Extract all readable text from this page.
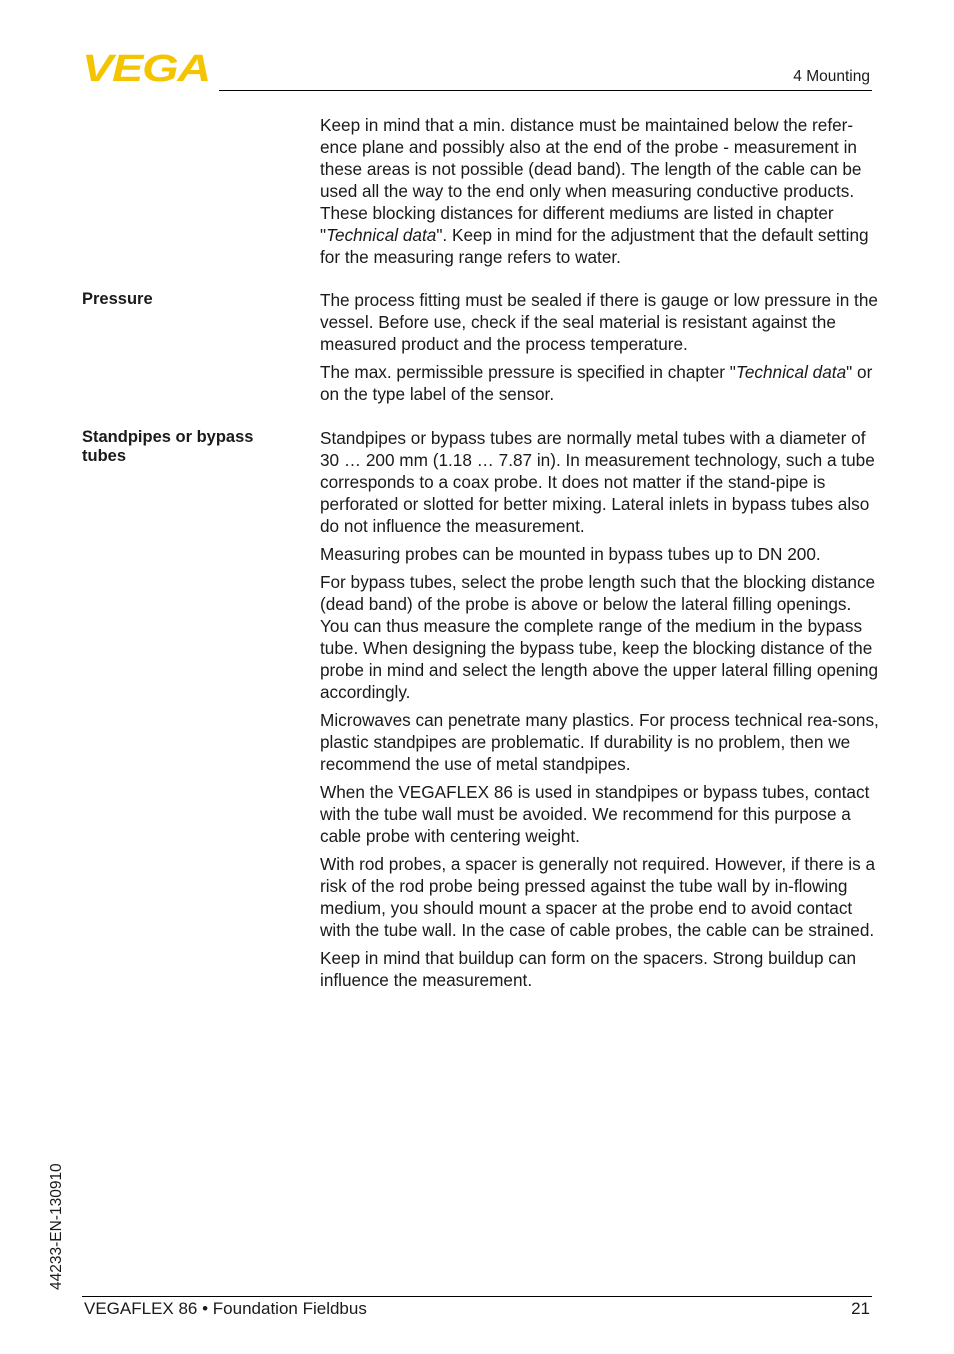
VEGA	4 Mounting

Keep in mind that a min. distance must be maintained below the refer-ence plane and possibly also at the end of the probe - measurement in these areas is not possible (dead band). The length of the cable can be used all the way to the end only when measuring conductive products. These blocking distances for different mediums are listed in chapter "Technical data". Keep in mind for the adjustment that the default setting for the measuring range refers to water.

Pressure	The process fitting must be sealed if there is gauge or low pressure in the vessel. Before use, check if the seal material is resistant against the measured product and the process temperature.

The max. permissible pressure is specified in chapter "Technical data" or on the type label of the sensor.

Standpipes or bypass tubes

Standpipes or bypass tubes are normally metal tubes with a diameter of 30 … 200 mm (1.18 … 7.87 in). In measurement technology, such a tube corresponds to a coax probe. It does not matter if the stand-pipe is perforated or slotted for better mixing. Lateral inlets in bypass tubes also do not influence the measurement.

Measuring probes can be mounted in bypass tubes up to DN 200.

For bypass tubes, select the probe length such that the blocking distance (dead band) of the probe is above or below the lateral filling openings. You can thus measure the complete range of the medium in the bypass tube. When designing the bypass tube, keep the blocking distance of the probe in mind and select the length above the upper lateral filling opening accordingly.

Microwaves can penetrate many plastics. For process technical rea-sons, plastic standpipes are problematic. If durability is no problem, then we recommend the use of metal standpipes.

When the VEGAFLEX 86 is used in standpipes or bypass tubes, contact with the tube wall must be avoided. We recommend for this purpose a cable probe with centering weight.

With rod probes, a spacer is generally not required. However, if there is a risk of the rod probe being pressed against the tube wall by in-flowing medium, you should mount a spacer at the probe end to avoid contact with the tube wall. In the case of cable probes, the cable can be strained.

Keep in mind that buildup can form on the spacers. Strong buildup can influence the measurement.

44233-EN-130910
VEGAFLEX 86 • Foundation Fieldbus	21
